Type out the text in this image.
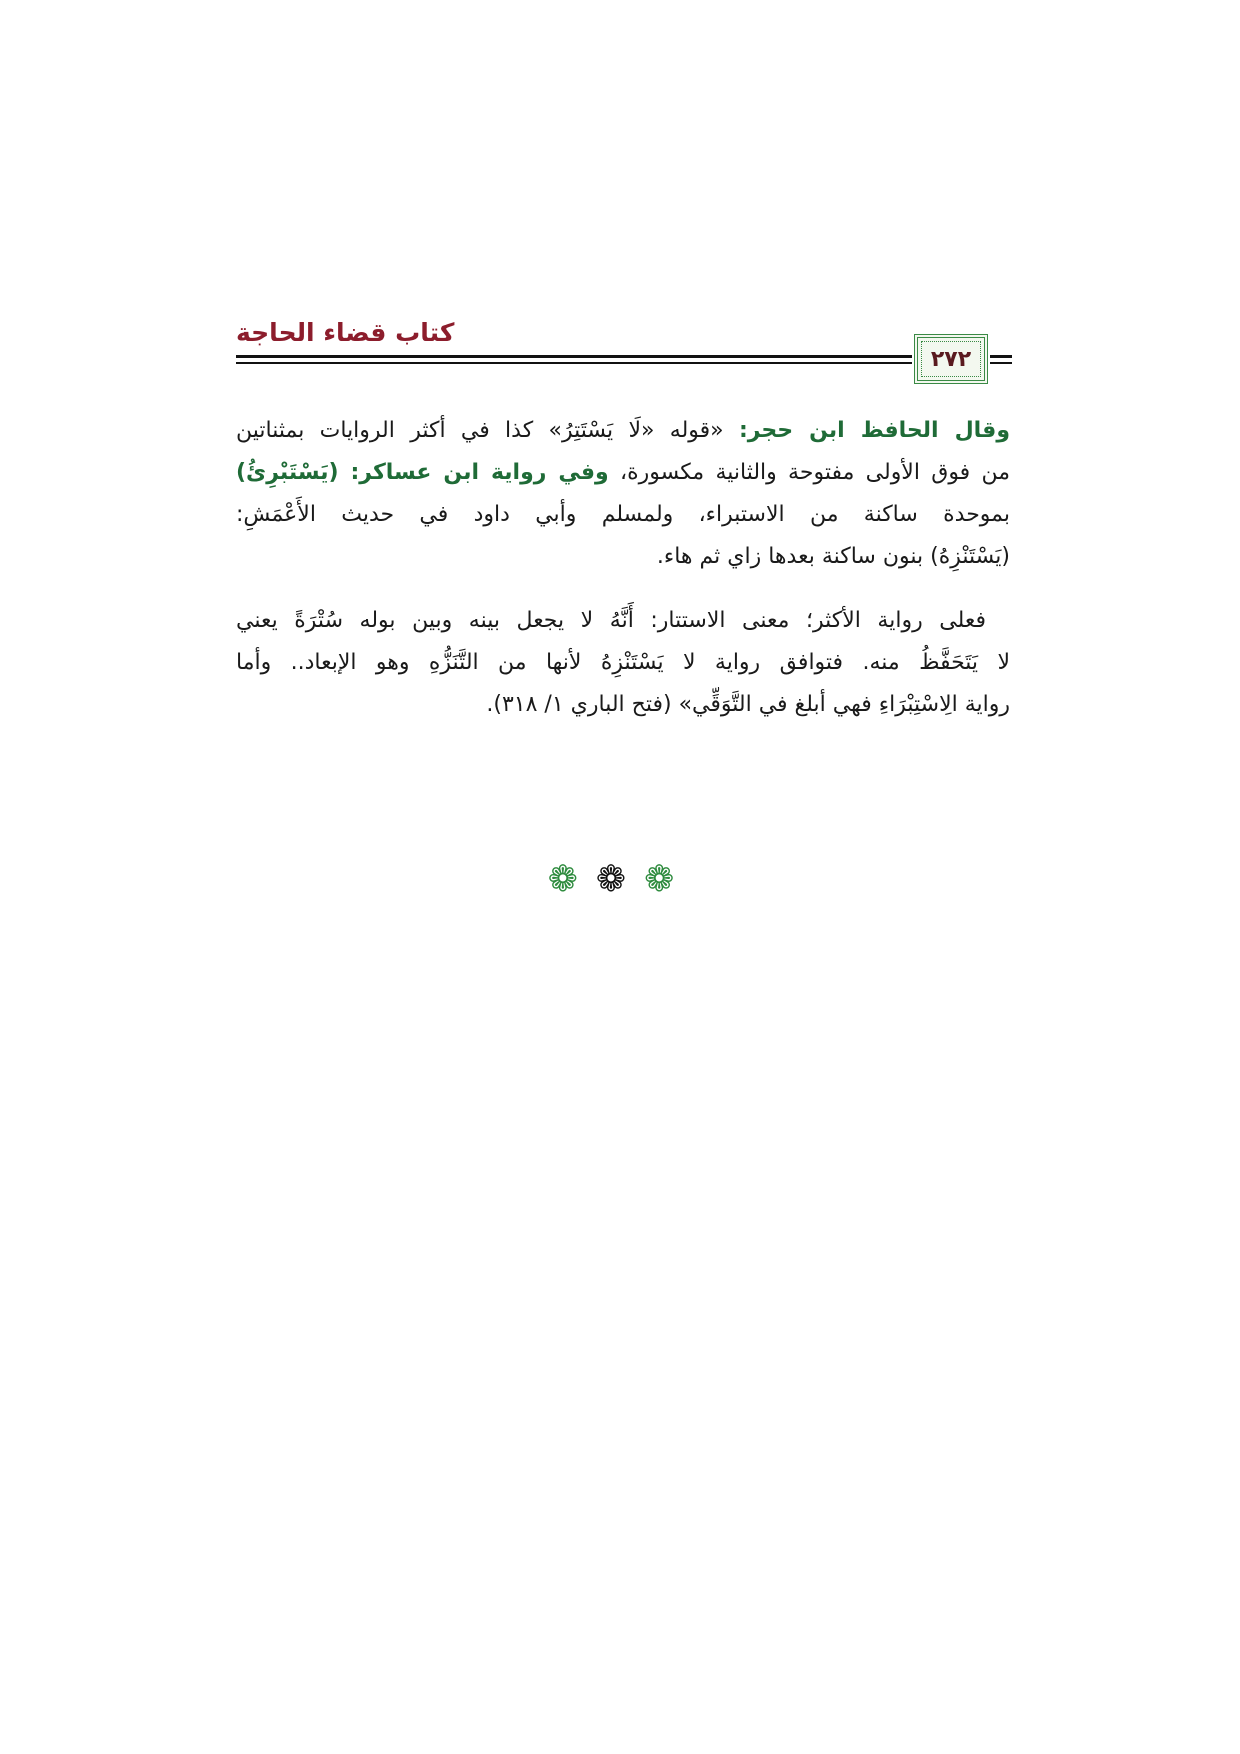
كتاب قضاء الحاجة
٢٧٢
وقال الحافظ ابن حجر: «قوله «لَا يَسْتَتِرُ» كذا في أكثر الروايات بمثناتين
من فوق الأولى مفتوحة والثانية مكسورة، وفي رواية ابن عساكر: (يَسْتَبْرِئُ)
بموحدة ساكنة من الاستبراء، ولمسلم وأبي داود في حديث الأَعْمَشِ:
(يَسْتَنْزِهُ) بنون ساكنة بعدها زاي ثم هاء.
فعلى رواية الأكثر؛ معنى الاستتار: أَنَّهُ لا يجعل بينه وبين بوله سُتْرَةً يعني
لا يَتَحَفَّظُ منه. فتوافق رواية لا يَسْتَنْزِهُ لأنها من التَّنَزُّهِ وهو الإبعاد.. وأما
رواية الِاسْتِبْرَاءِ فهي أبلغ في التَّوَقِّي» (فتح الباري ١/ ٣١٨).
❁❁❁
